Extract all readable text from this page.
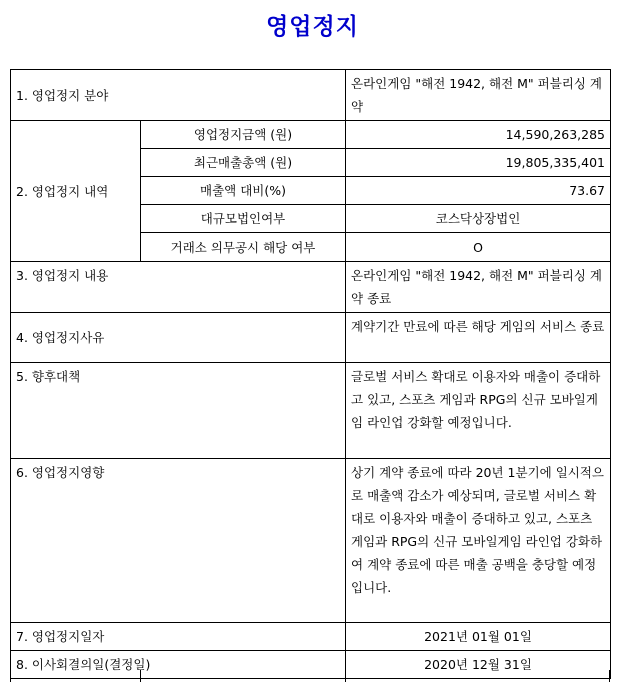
영업정지
1. 영업정지 분야		온라인게임 "해전 1942, 해전 M" 퍼블리싱 계약
2. 영업정지 내역	영업정지금액 (원)	14,590,263,285
	최근매출총액 (원)	19,805,335,401
	매출액 대비(%)	73.67
	대규모법인여부	코스닥상장법인
	거래소 의무공시 해당 여부	O
3. 영업정지 내용		온라인게임 "해전 1942, 해전 M" 퍼블리싱 계약 종료
4. 영업정지사유		계약기간 만료에 따른 해당 게임의 서비스 종료
5. 향후대책		글로벌 서비스 확대로 이용자와 매출이 증대하고 있고, 스포츠 게임과 RPG의 신규 모바일게임 라인업 강화할 예정입니다.
6. 영업정지영향		상기 계약 종료에 따라 20년 1분기에 일시적으로 매출액 감소가 예상되며, 글로벌 서비스 확대로 이용자와 매출이 증대하고 있고, 스포츠 게임과 RPG의 신규 모바일게임 라인업 강화하여 계약 종료에 따른 매출 공백을 충당할 예정입니다.
7. 영업정지일자		2021년 01월 01일
8. 이사회결의일(결정일)		2020년 12월 31일
